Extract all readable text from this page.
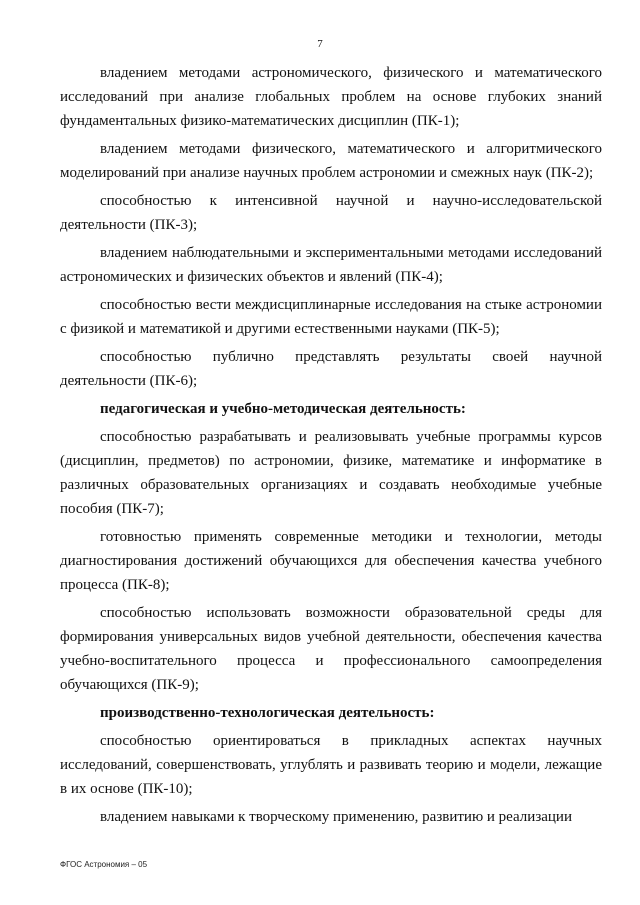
7

владением методами астрономического, физического и математического исследований при анализе глобальных проблем на основе глубоких знаний фундаментальных физико-математических дисциплин (ПК-1);

владением методами физического, математического и алгоритмического моделирований при анализе научных проблем астрономии и смежных наук (ПК-2);

способностью к интенсивной научной и научно-исследовательской деятельности (ПК-3);

владением наблюдательными и экспериментальными методами исследований астрономических и физических объектов и явлений (ПК-4);

способностью вести междисциплинарные исследования на стыке астрономии с физикой и математикой и другими естественными науками (ПК-5);

способностью публично представлять результаты своей научной деятельности (ПК-6);

педагогическая и учебно-методическая деятельность:

способностью разрабатывать и реализовывать учебные программы курсов (дисциплин, предметов) по астрономии, физике, математике и информатике в различных образовательных организациях и создавать необходимые учебные пособия (ПК-7);

готовностью применять современные методики и технологии, методы диагностирования достижений обучающихся для обеспечения качества учебного процесса (ПК-8);

способностью использовать возможности образовательной среды для формирования универсальных видов учебной деятельности, обеспечения качества учебно-воспитательного процесса и профессионального самоопределения обучающихся (ПК-9);

производственно-технологическая деятельность:

способностью ориентироваться в прикладных аспектах научных исследований, совершенствовать, углублять и развивать теорию и модели, лежащие в их основе (ПК-10);

владением навыками к творческому применению, развитию и реализации

ФГОС Астрономия – 05
